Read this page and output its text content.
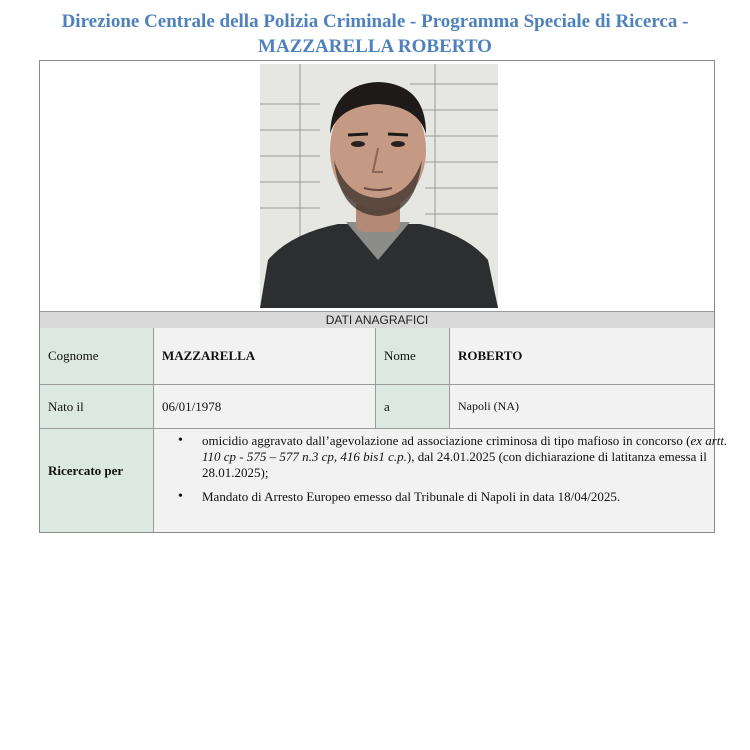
Direzione Centrale della Polizia Criminale - Programma Speciale di Ricerca -
MAZZARELLA ROBERTO
DATI ANAGRAFICI
Cognome	MAZZARELLA	Nome	ROBERTO
Nato il	06/01/1978	a	Napoli (NA)
Ricercato per
• omicidio aggravato dall’agevolazione ad associazione criminosa di tipo mafioso in concorso (ex artt.
110 cp - 575 – 577 n.3 cp, 416 bis1 c.p.), dal 24.01.2025 (con dichiarazione di latitanza emessa il
28.01.2025);
• Mandato di Arresto Europeo emesso dal Tribunale di Napoli in data 18/04/2025.
